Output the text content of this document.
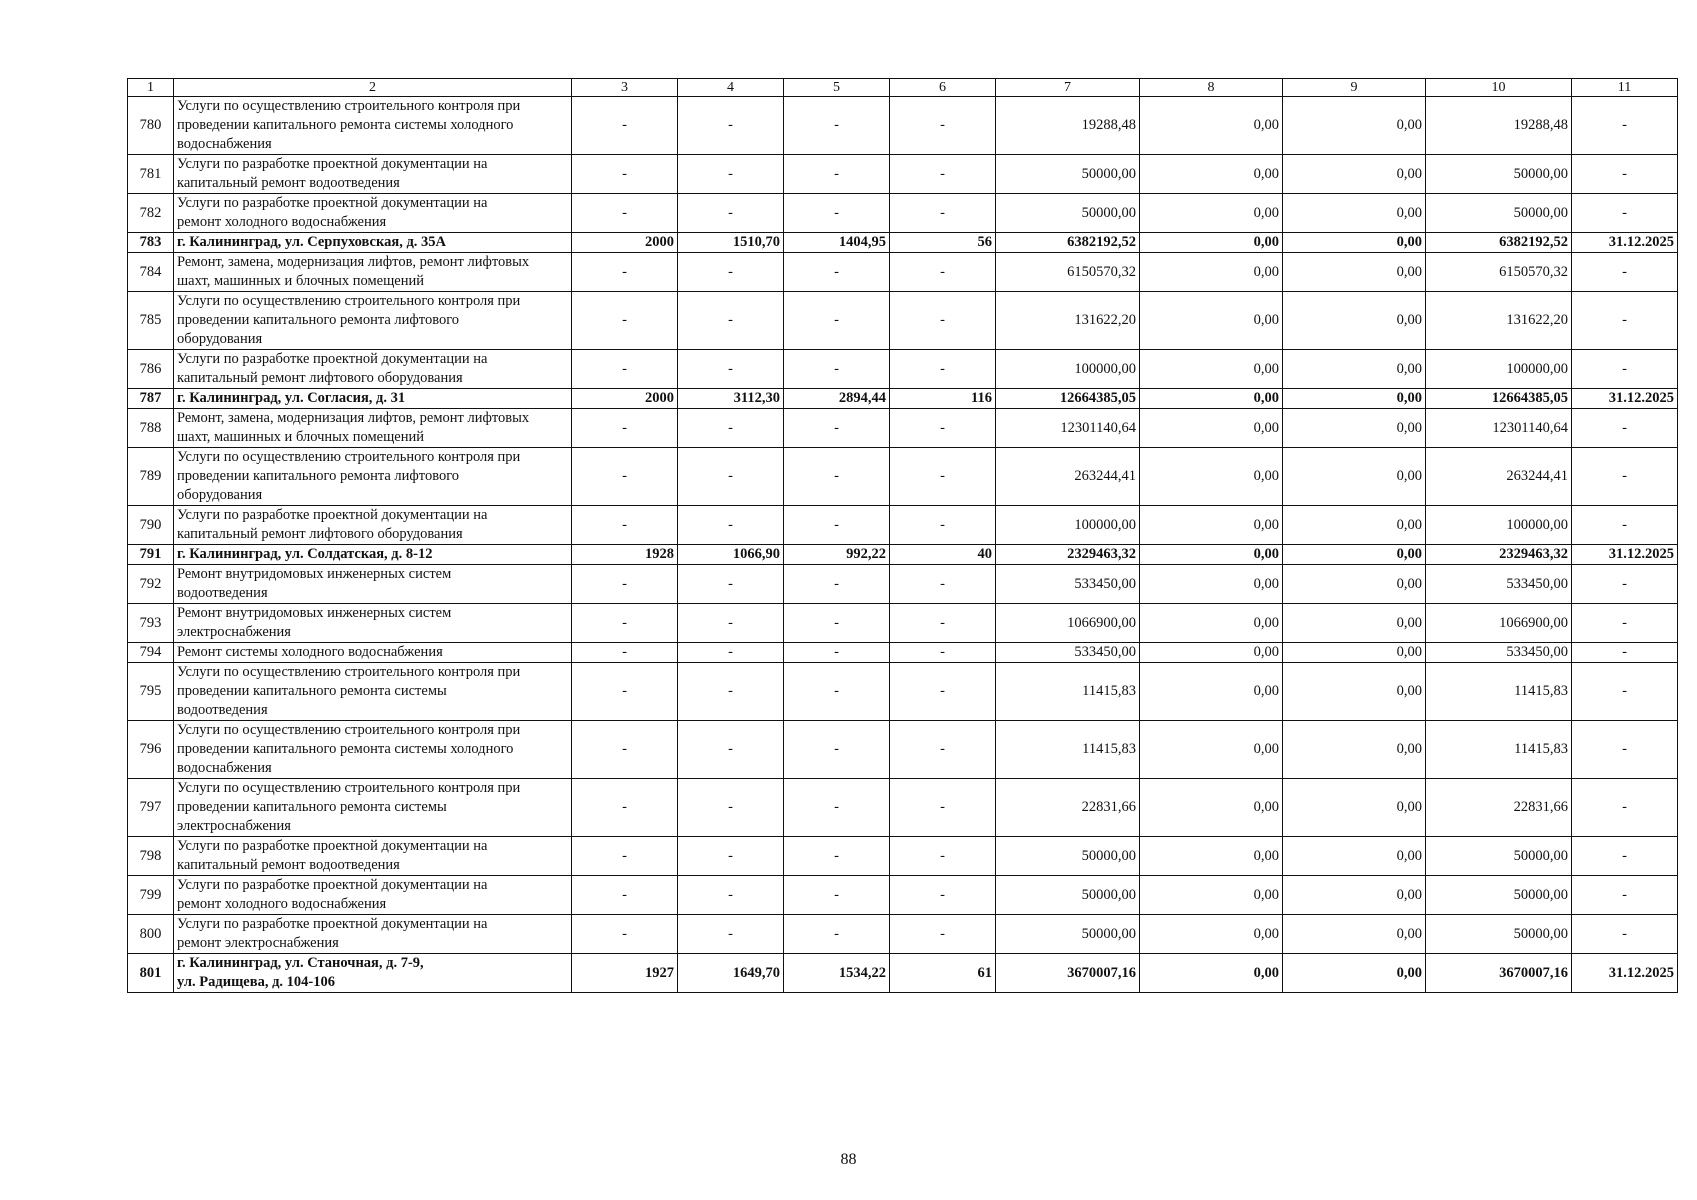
1	2	3	4	5	6	7	8	9	10	11
780	Услуги по осуществлению строительного контроля при
проведении капитального ремонта системы холодного
водоснабжения	-	-	-	-	19288,48	0,00	0,00	19288,48	-
781	Услуги по разработке проектной документации на
капитальный ремонт водоотведения	-	-	-	-	50000,00	0,00	0,00	50000,00	-
782	Услуги по разработке проектной документации на
ремонт холодного водоснабжения	-	-	-	-	50000,00	0,00	0,00	50000,00	-
783	г. Калининград, ул. Серпуховская, д. 35А	2000	1510,70	1404,95	56	6382192,52	0,00	0,00	6382192,52	31.12.2025
784	Ремонт, замена, модернизация лифтов, ремонт лифтовых
шахт, машинных и блочных помещений	-	-	-	-	6150570,32	0,00	0,00	6150570,32	-
785	Услуги по осуществлению строительного контроля при
проведении капитального ремонта лифтового
оборудования	-	-	-	-	131622,20	0,00	0,00	131622,20	-
786	Услуги по разработке проектной документации на
капитальный ремонт лифтового оборудования	-	-	-	-	100000,00	0,00	0,00	100000,00	-
787	г. Калининград, ул. Согласия, д. 31	2000	3112,30	2894,44	116	12664385,05	0,00	0,00	12664385,05	31.12.2025
788	Ремонт, замена, модернизация лифтов, ремонт лифтовых
шахт, машинных и блочных помещений	-	-	-	-	12301140,64	0,00	0,00	12301140,64	-
789	Услуги по осуществлению строительного контроля при
проведении капитального ремонта лифтового
оборудования	-	-	-	-	263244,41	0,00	0,00	263244,41	-
790	Услуги по разработке проектной документации на
капитальный ремонт лифтового оборудования	-	-	-	-	100000,00	0,00	0,00	100000,00	-
791	г. Калининград, ул. Солдатская, д. 8-12	1928	1066,90	992,22	40	2329463,32	0,00	0,00	2329463,32	31.12.2025
792	Ремонт внутридомовых инженерных систем
водоотведения	-	-	-	-	533450,00	0,00	0,00	533450,00	-
793	Ремонт внутридомовых инженерных систем
электроснабжения	-	-	-	-	1066900,00	0,00	0,00	1066900,00	-
794	Ремонт системы холодного водоснабжения	-	-	-	-	533450,00	0,00	0,00	533450,00	-
795	Услуги по осуществлению строительного контроля при
проведении капитального ремонта системы
водоотведения	-	-	-	-	11415,83	0,00	0,00	11415,83	-
796	Услуги по осуществлению строительного контроля при
проведении капитального ремонта системы холодного
водоснабжения	-	-	-	-	11415,83	0,00	0,00	11415,83	-
797	Услуги по осуществлению строительного контроля при
проведении капитального ремонта системы
электроснабжения	-	-	-	-	22831,66	0,00	0,00	22831,66	-
798	Услуги по разработке проектной документации на
капитальный ремонт водоотведения	-	-	-	-	50000,00	0,00	0,00	50000,00	-
799	Услуги по разработке проектной документации на
ремонт холодного водоснабжения	-	-	-	-	50000,00	0,00	0,00	50000,00	-
800	Услуги по разработке проектной документации на
ремонт электроснабжения	-	-	-	-	50000,00	0,00	0,00	50000,00	-
801	г. Калининград, ул. Станочная, д. 7-9,
ул. Радищева, д. 104-106	1927	1649,70	1534,22	61	3670007,16	0,00	0,00	3670007,16	31.12.2025
88
